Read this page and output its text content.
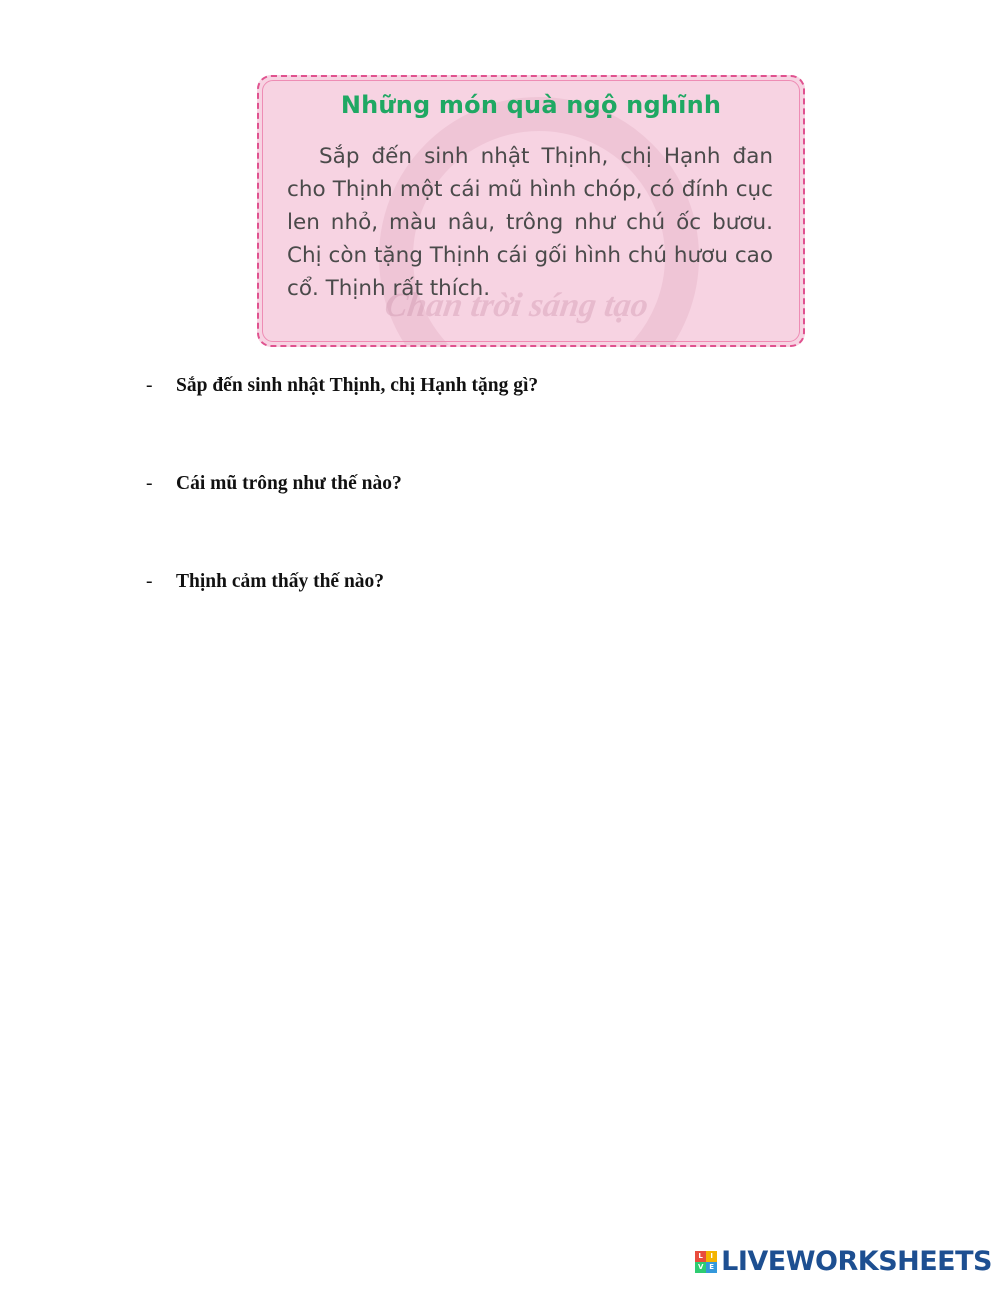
Chan trời sáng tạo
Những món quà ngộ nghĩnh

Sắp đến sinh nhật Thịnh, chị Hạnh đan cho Thịnh một cái mũ hình chóp, có đính cục len nhỏ, màu nâu, trông như chú ốc bươu. Chị còn tặng Thịnh cái gối hình chú hươu cao cổ. Thịnh rất thích.

-	Sắp đến sinh nhật Thịnh, chị Hạnh tặng gì?
-	Cái mũ trông như thế nào?
-	Thịnh cảm thấy thế nào?
L	I
V E LIVEWORKSHEETS
